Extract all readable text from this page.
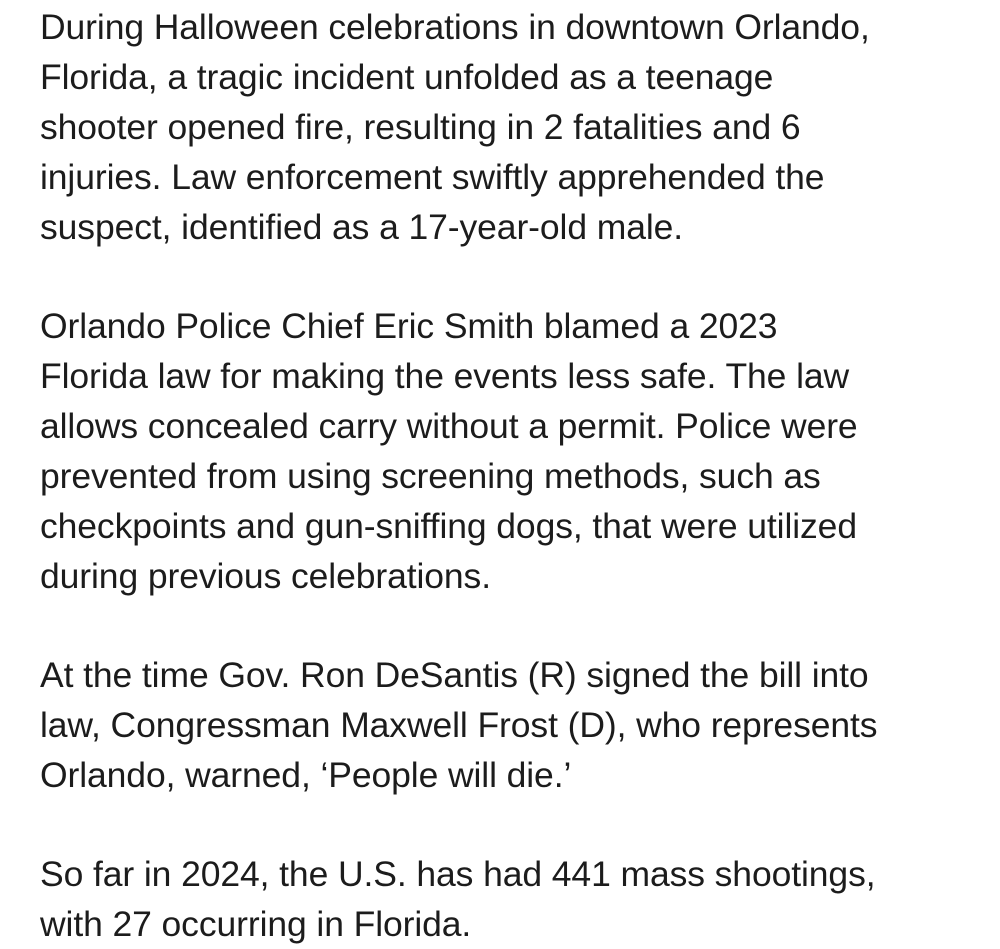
During Halloween celebrations in downtown Orlando,
Florida, a tragic incident unfolded as a teenage
shooter opened fire, resulting in 2 fatalities and 6
injuries. Law enforcement swiftly apprehended the
suspect, identified as a 17-year-old male.

Orlando Police Chief Eric Smith blamed a 2023
Florida law for making the events less safe. The law
allows concealed carry without a permit. Police were
prevented from using screening methods, such as
checkpoints and gun-sniffing dogs, that were utilized
during previous celebrations.

At the time Gov. Ron DeSantis (R) signed the bill into
law, Congressman Maxwell Frost (D), who represents
Orlando, warned, ‘People will die.’

So far in 2024, the U.S. has had 441 mass shootings,
with 27 occurring in Florida.
